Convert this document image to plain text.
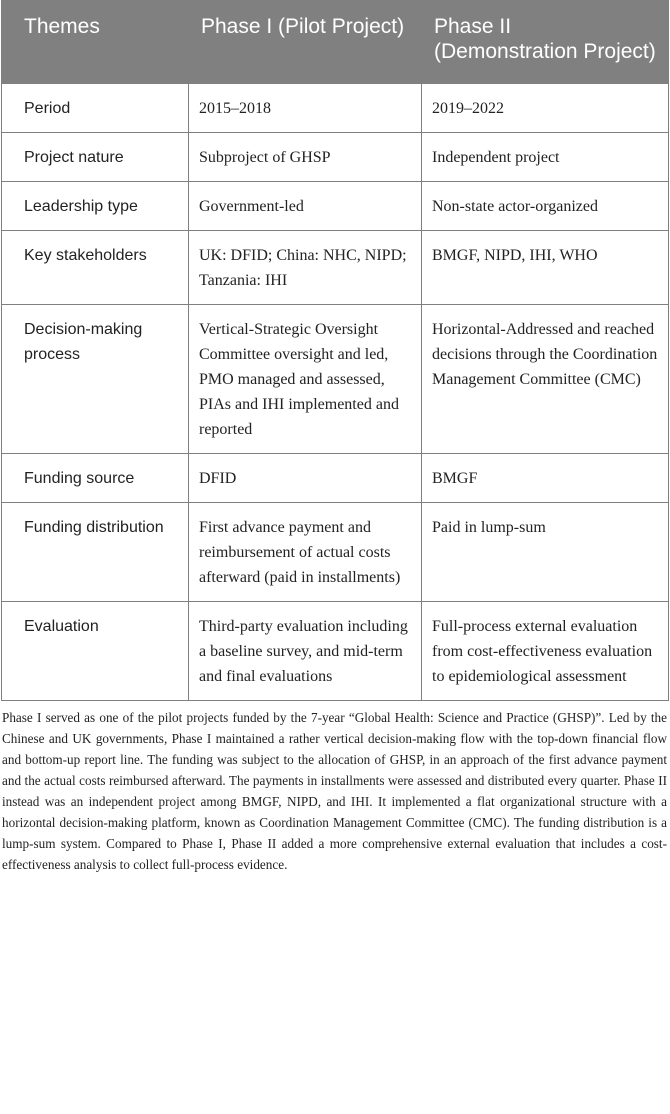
Themes	Phase I (Pilot Project)	Phase II (Demonstration Project)
Period	2015–2018	2019–2022
Project nature	Subproject of GHSP	Independent project
Leadership type	Government-led	Non-state actor-organized
Key stakeholders	UK: DFID; China: NHC, NIPD; Tanzania: IHI	BMGF, NIPD, IHI, WHO
Decision-making process	Vertical-Strategic Oversight Committee oversight and led, PMO managed and assessed, PIAs and IHI implemented and reported	Horizontal-Addressed and reached decisions through the Coordination Management Committee (CMC)
Funding source	DFID	BMGF
Funding distribution	First advance payment and reimbursement of actual costs afterward (paid in installments)	Paid in lump-sum
Evaluation	Third-party evaluation including a baseline survey, and mid-term and final evaluations	Full-process external evaluation from cost-effectiveness evaluation to epidemiological assessment

Phase I served as one of the pilot projects funded by the 7-year “Global Health: Science and Practice (GHSP)”. Led by the Chinese and UK governments, Phase I maintained a rather vertical decision-making flow with the top-down financial flow and bottom-up report line. The funding was subject to the allocation of GHSP, in an approach of the first advance payment and the actual costs reimbursed afterward. The payments in installments were assessed and distributed every quarter. Phase II instead was an independent project among BMGF, NIPD, and IHI. It implemented a flat organizational structure with a horizontal decision-making platform, known as Coordination Management Committee (CMC). The funding distribution is a lump-sum system. Compared to Phase I, Phase II added a more comprehensive external evaluation that includes a cost-effectiveness analysis to collect full-process evidence.
